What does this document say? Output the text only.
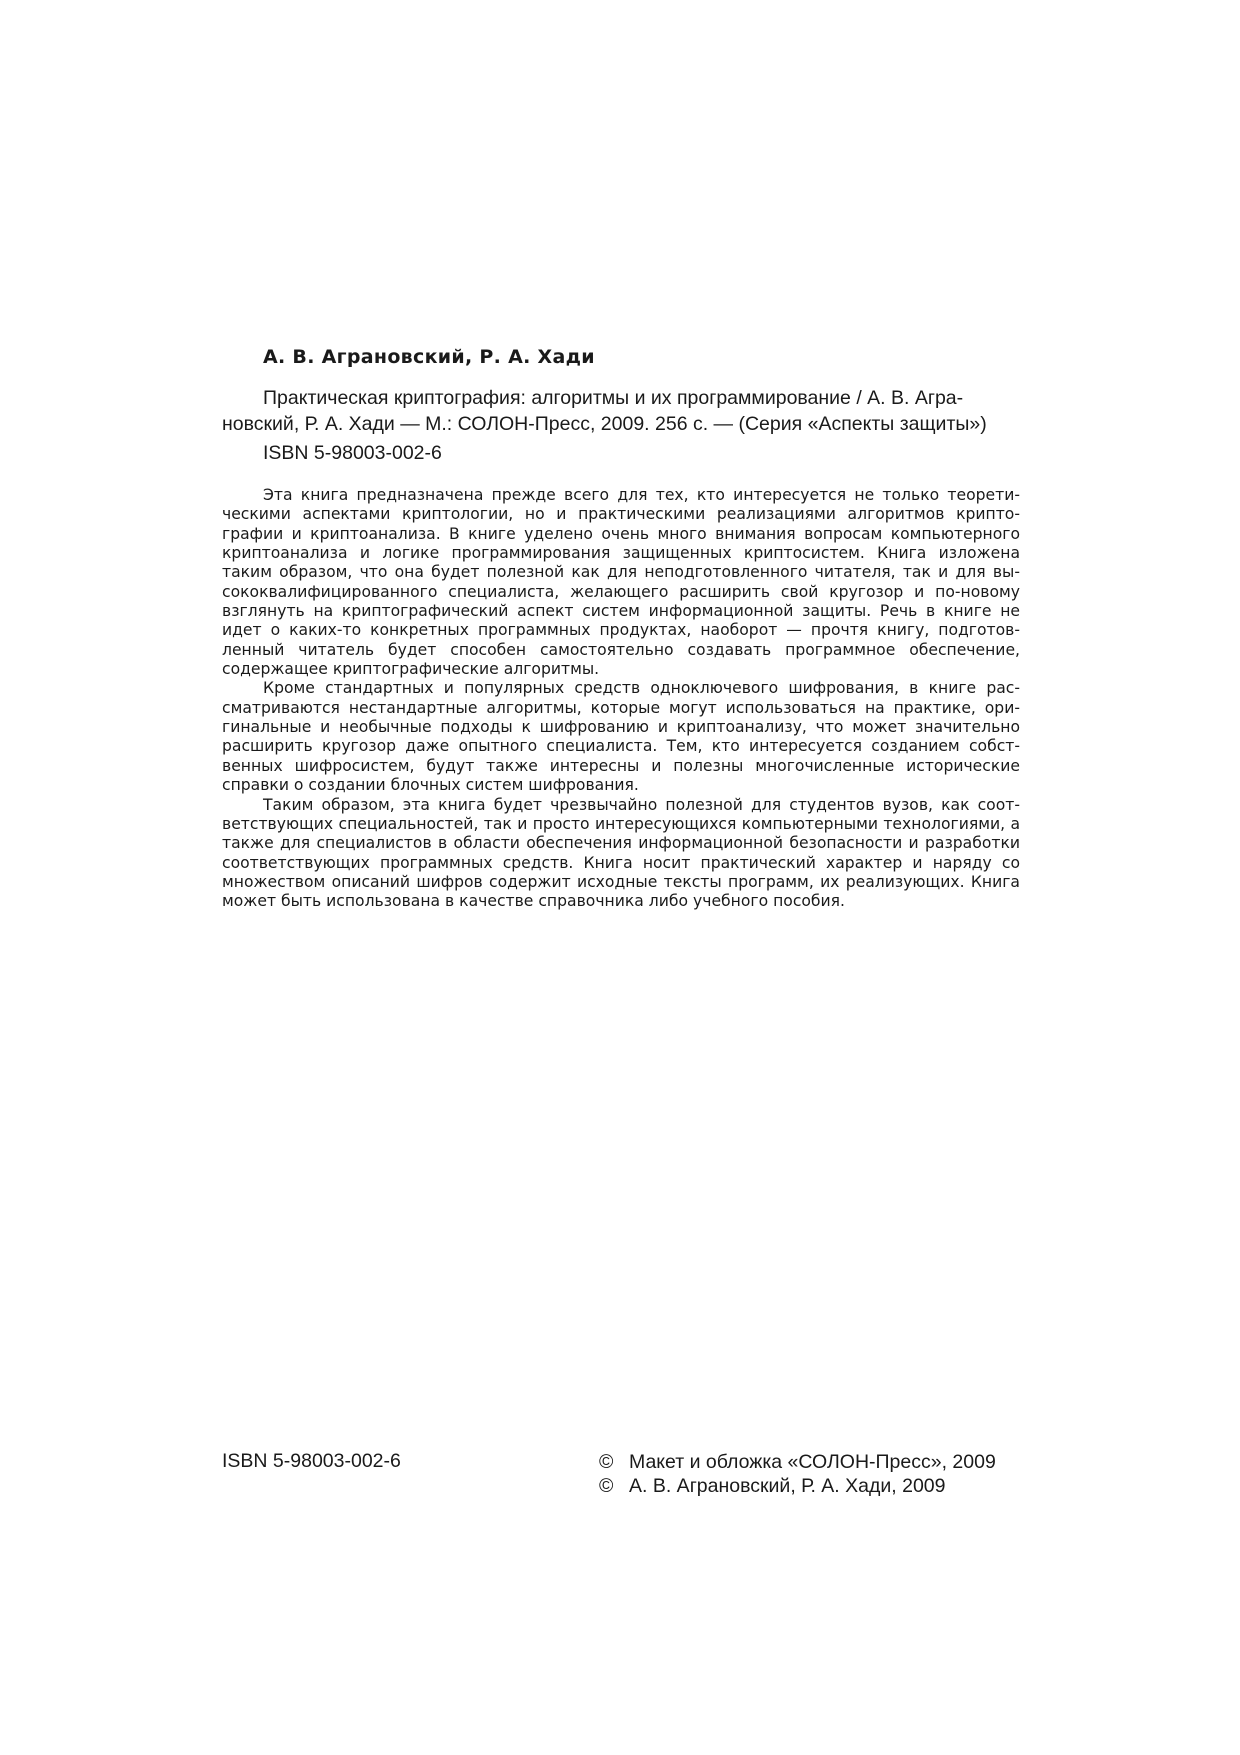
А. В. Аграновский, Р. А. Хади
Практическая криптография: алгоритмы и их программирование / А. В. Агра-
новский, Р. А. Хади — М.: СОЛОН-Пресс, 2009. 256 с. — (Серия «Аспекты защиты»)
ISBN 5-98003-002-6

Эта книга предназначена прежде всего для тех, кто интересуется не только теоретическими аспектами криптологии, но и практическими реализациями алгоритмов криптографии и криптоанализа. В книге уделено очень много внимания вопросам компьютерного криптоанализа и логике программирования защищенных криптосистем. Книга изложена таким образом, что она будет полезной как для неподготовленного читателя, так и для высококвалифицированного специалиста, желающего расширить свой кругозор и по-новому взглянуть на криптографический аспект систем информационной защиты. Речь в книге не идет о каких-то конкретных программных продуктах, наоборот — прочтя книгу, подготовленный читатель будет способен самостоятельно создавать программное обеспечение, содержащее криптографические алгоритмы.

Кроме стандартных и популярных средств одноключевого шифрования, в книге рассматриваются нестандартные алгоритмы, которые могут использоваться на практике, оригинальные и необычные подходы к шифрованию и криптоанализу, что может значительно расширить кругозор даже опытного специалиста. Тем, кто интересуется созданием собственных шифросистем, будут также интересны и полезны многочисленные исторические справки о создании блочных систем шифрования.

Таким образом, эта книга будет чрезвычайно полезной для студентов вузов, как соответствующих специальностей, так и просто интересующихся компьютерными технологиями, а также для специалистов в области обеспечения информационной безопасности и разработки соответствующих программных средств. Книга носит практический характер и наряду со множеством описаний шифров содержит исходные тексты программ, их реализующих. Книга может быть использована в качестве справочника либо учебного пособия.

ISBN 5-98003-002-6	© Макет и обложка «СОЛОН-Пресс», 2009
© А. В. Аграновский, Р. А. Хади, 2009
